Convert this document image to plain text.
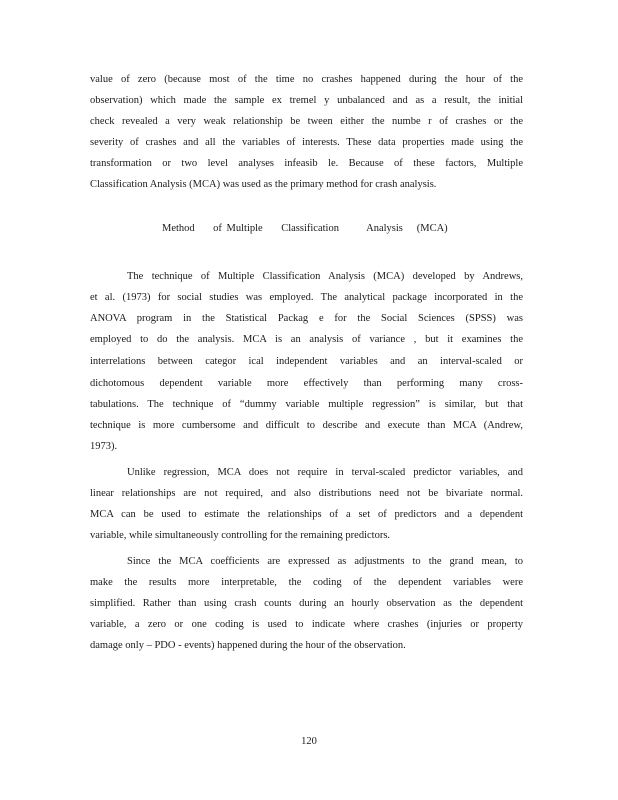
value of zero (because most of the time no crashes happened during the hour of the
observation) which made the sample ex tremel y unbalanced and as a result, the initial
check revealed a very weak relationship be tween either the numbe r of crashes or the
severity of crashes and all the variables of interests. These data properties made using the
transformation or two level analyses infeasib le. Because of these factors, Multiple
Classification Analysis (MCA) was used as the primary method for crash analysis.
Method    of Multiple    Classification      Analysis   (MCA)
The technique of Multiple Classification Analysis (MCA) developed by Andrews,
et al. (1973) for social studies was employed. The analytical package incorporated in the
ANOVA program in the Statistical Packag e for the Social Sciences (SPSS) was
employed to do the analysis. MCA is an analysis of variance , but it examines the
interrelations between categor ical independent variables and an interval-scaled or
dichotomous dependent variable more effectively than performing many cross-
tabulations. The technique of “dummy variable multiple regression” is similar, but that
technique is more cumbersome and difficult to describe and execute than MCA (Andrew,
1973).
Unlike regression, MCA does not require in terval-scaled predictor variables, and
linear relationships are not required, and also distributions need not be bivariate normal.
MCA can be used to estimate the relationships of a set of predictors and a dependent
variable, while simultaneously controlling for the remaining predictors.
Since the MCA coefficients are expressed as adjustments to the grand mean, to
make the results more interpretable, the coding of the dependent variables were
simplified. Rather than using crash counts during an hourly observation as the dependent
variable, a zero or one coding is used to indicate where crashes (injuries or property
damage only – PDO - events) happened during the hour of the observation.
120
